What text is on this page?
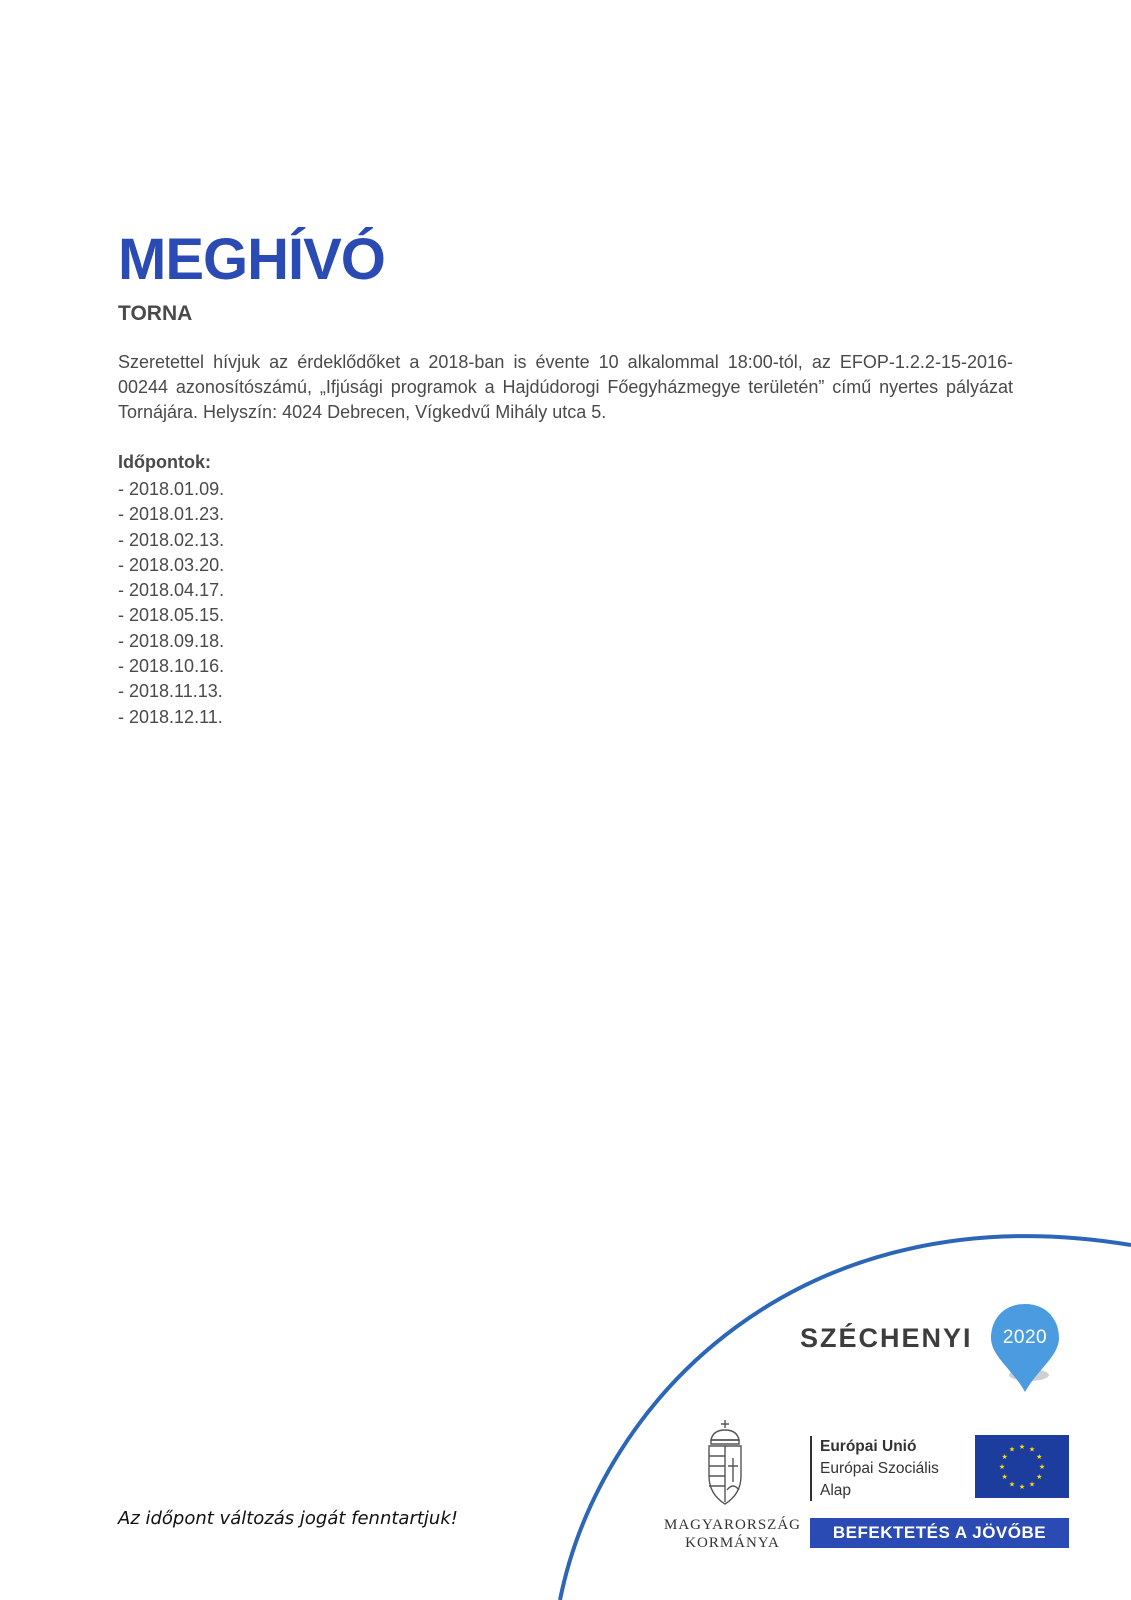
MEGHÍVÓ
TORNA

Szeretettel hívjuk az érdeklődőket a 2018-ban is évente 10 alkalommal 18:00-tól, az EFOP-1.2.2-15-2016-00244 azonosítószámú, „Ifjúsági programok a Hajdúdorogi Főegyházmegye területén” című nyertes pályázat Tornájára. Helyszín: 4024 Debrecen, Vígkedvű Mihály utca 5.

Időpontok:

- 2018.01.09.
- 2018.01.23.
- 2018.02.13.
- 2018.03.20.
- 2018.04.17.
- 2018.05.15.
- 2018.09.18.
- 2018.10.16.
- 2018.11.13.
- 2018.12.11.

Az időpont változás jogát fenntartjuk!

SZÉCHENYI	2020
MAGYARORSZÁG
KORMÁNYA
Európai Unió
Európai Szociális
Alap
★ ★
★
★
★
★
★
★
★
★
★
★
BEFEKTETÉS A JÖVŐBE
